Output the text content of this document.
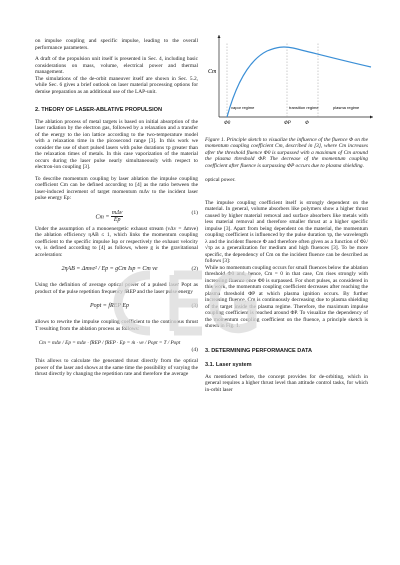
on impulse coupling and specific impulse, leading to the overall performance parameters.

A draft of the propulsion unit itself is presented in Sec. 4, including basic considerations on mass, volume, electrical power and thermal management.

The simulations of the de-orbit maneuver itself are shown in Sec. 5.2, while Sec. 6 gives a brief outlook on laser material processing options for demise preparation as an additional use of the LAP-unit.

2. THEORY OF LASER-ABLATIVE PROPULSION

The ablation process of metal targets is based on initial absorption of the laser radiation by the electron gas, followed by a relaxation and a transfer of the energy to the ion lattice according to the two-temperature model with a relaxation time in the picosecond range [3]. In this work we consider the use of short pulsed lasers with pulse durations τp greater than the relaxation times of metals. In this case vaporization of the material occurs during the laser pulse nearly simultaneously with respect to electron-ion coupling [3].

To describe momentum coupling by laser ablation the impulse coupling coefficient Cm can be defined according to [4] as the ratio between the laser-induced increment of target momentum mΔv to the incident laser pulse energy Ep:

$Cm = \frac{\text{mΔv}}{Ep}$	(1)

Under the assumption of a monoenergetic exhaust stream (vΔv = Δmve) the ablation efficiency ηAB ≤ 1, which links the momentum coupling coefficient to the specific impulse Isp or respectively the exhaust velocity ve, is defined according to [4] as follows, where g is the gravitational acceleration:

2ηAB = Δmve² / Ep = gCm Isp = Cm ve	(2)

Using the definition of average optical power of a pulsed laser Popt as product of the pulse repetition frequency fREP and the laser pulse energy

Popt = fREP Ep	(3)

allows to rewrite the impulse coupling coefficient to the continuous thrust T resulting from the ablation process as follows:

Cm = mΔv / Ep = mΔv · fREP / fREP · Ep = ṁ · ve / Popt = T / Popt
(4)

This allows to calculate the generated thrust directly from the optical power of the laser and shows at the same time the possibility of varying the thrust directly by changing the repetition rate and therefore the average

Cm
vapor regime	transition regime	plasma regime
Φ0	ΦP	Φ

Figure 1. Principle sketch to visualize the influence of the fluence Φ on the momentum coupling coefficient Cm, described in [3], where Cm increases after the threshold fluence Φ0 is surpassed with a maximum of Cm around the plasma threshold ΦP. The decrease of the momentum coupling coefficient after fluence is surpassing ΦP occurs due to plasma shielding.

optical power.

The impulse coupling coefficient itself is strongly dependent on the material. In general, volume absorbers like polymers show a higher thrust caused by higher material removal and surface absorbers like metals with less material removal and therefore smaller thrust at a higher specific impulse [3]. Apart from being dependent on the material, the momentum coupling coefficient is influenced by the pulse duration τp, the wavelength λ and the incident fluence Φ and therefore often given as a function of Φλ/√τp as a generalization for medium and high fluences [3]. To be more specific, the dependency of Cm on the incident fluence can be described as follows [3]:

While no momentum coupling occurs for small fluences below the ablation threshold Φ0 and, hence, Cm = 0 in that case, Cm rises strongly with increasing fluence once Φ0 is surpassed. For short pulses, as considered in this work, the momentum coupling coefficient decreases after reaching the plasma threshold ΦP at which plasma ignition occurs. By further increasing fluence, Cm is continuously decreasing due to plasma shielding of the target inside the plasma regime. Therefore, the maximum impulse coupling coefficient is reached around ΦP. To visualize the dependency of the momentum coupling coefficient on the fluence, a principle sketch is shown in Fig. 1.

3. DETERMINING PERFORMANCE DATA
3.1. Laser system

As mentioned before, the concept provides for de-orbiting, which in general requires a higher thrust level than attitude control tasks, for which in-orbit laser
